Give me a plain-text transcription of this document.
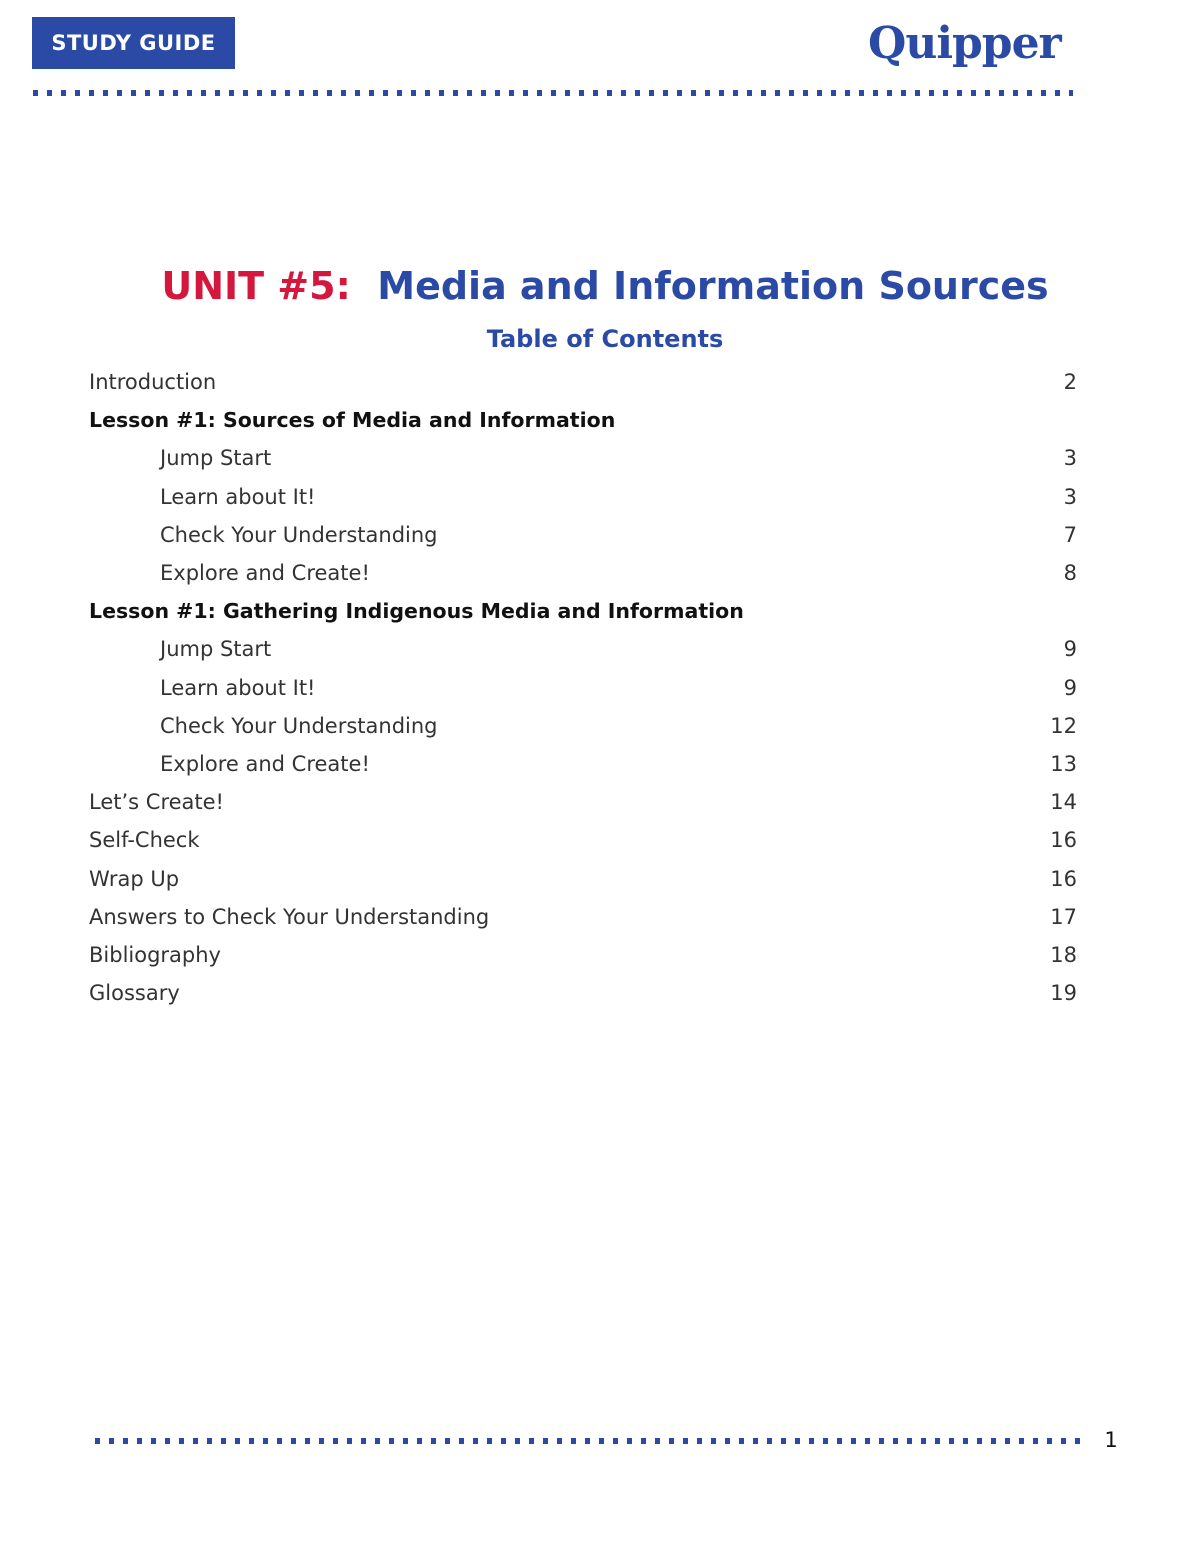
STUDY GUIDE	Quipper
UNIT #5: Media and Information Sources
Table of Contents
Introduction	2
Lesson #1: Sources of Media and Information
Jump Start	3
Learn about It!	3
Check Your Understanding	7
Explore and Create!	8
Lesson #1: Gathering Indigenous Media and Information
Jump Start	9
Learn about It!	9
Check Your Understanding	12
Explore and Create!	13
Let’s Create!	14
Self-Check	16
Wrap Up	16
Answers to Check Your Understanding	17
Bibliography	18
Glossary	19
1
